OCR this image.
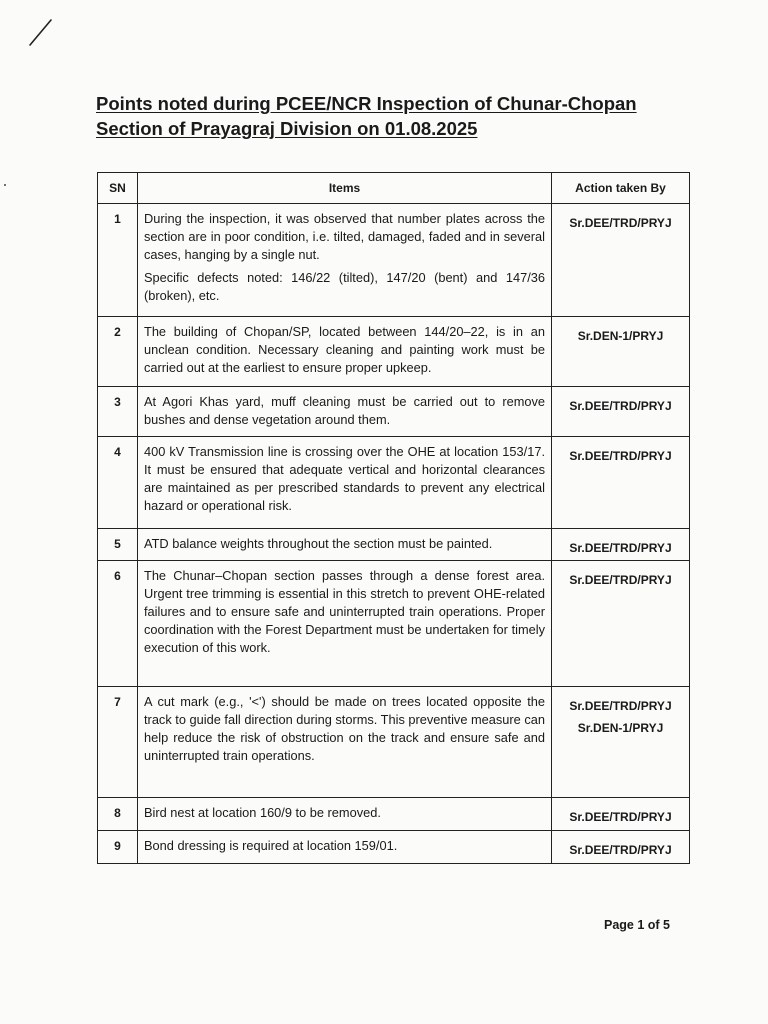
Points noted during PCEE/NCR Inspection of Chunar-Chopan
Section of Prayagraj Division on 01.08.2025
SN	Items	Action taken By
1	During the inspection, it was observed that number plates across the section are in poor condition, i.e. tilted, damaged, faded and in several cases, hanging by a single nut.

Specific defects noted: 146/22 (tilted), 147/20 (bent) and 147/36 (broken), etc.	Sr.DEE/TRD/PRYJ

2	The building of Chopan/SP, located between 144/20–22, is in an unclean condition. Necessary cleaning and painting work must be carried out at the earliest to ensure proper upkeep.	Sr.DEN-1/PRYJ

3	At Agori Khas yard, muff cleaning must be carried out to remove bushes and dense vegetation around them.	Sr.DEE/TRD/PRYJ

4	400 kV Transmission line is crossing over the OHE at location 153/17. It must be ensured that adequate vertical and horizontal clearances are maintained as per prescribed standards to prevent any electrical hazard or operational risk.	Sr.DEE/TRD/PRYJ

5	ATD balance weights throughout the section must be painted.	Sr.DEE/TRD/PRYJ

6	The Chunar–Chopan section passes through a dense forest area. Urgent tree trimming is essential in this stretch to prevent OHE-related failures and to ensure safe and uninterrupted train operations. Proper coordination with the Forest Department must be undertaken for timely execution of this work.	Sr.DEE/TRD/PRYJ

7	A cut mark (e.g., '<') should be made on trees located opposite the track to guide fall direction during storms. This preventive measure can help reduce the risk of obstruction on the track and ensure safe and uninterrupted train operations.	Sr.DEE/TRD/PRYJ
Sr.DEN-1/PRYJ

8	Bird nest at location 160/9 to be removed.	Sr.DEE/TRD/PRYJ

9	Bond dressing is required at location 159/01.	Sr.DEE/TRD/PRYJ
Page 1 of 5
